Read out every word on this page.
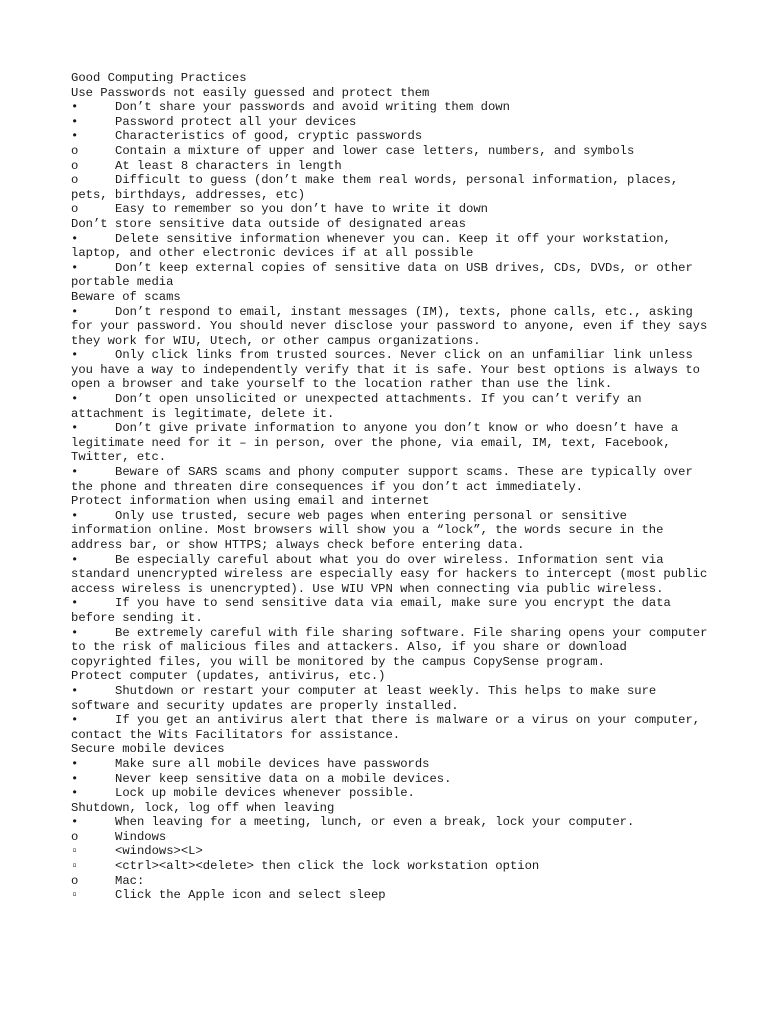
Good Computing Practices
Use Passwords not easily guessed and protect them
•	Don’t share your passwords and avoid writing them down
•	Password protect all your devices
•	Characteristics of good, cryptic passwords
o	Contain a mixture of upper and lower case letters, numbers, and symbols
o	At least 8 characters in length
o	Difficult to guess (don’t make them real words, personal information, places, pets, birthdays, addresses, etc)
o	Easy to remember so you don’t have to write it down
Don’t store sensitive data outside of designated areas
•	Delete sensitive information whenever you can. Keep it off your workstation, laptop, and other electronic devices if at all possible
•	Don’t keep external copies of sensitive data on USB drives, CDs, DVDs, or other portable media
Beware of scams
•	Don’t respond to email, instant messages (IM), texts, phone calls, etc., asking for your password. You should never disclose your password to anyone, even if they says they work for WIU, Utech, or other campus organizations.
•	Only click links from trusted sources. Never click on an unfamiliar link unless you have a way to independently verify that it is safe. Your best options is always to open a browser and take yourself to the location rather than use the link.
•	Don’t open unsolicited or unexpected attachments. If you can’t verify an attachment is legitimate, delete it.
•	Don’t give private information to anyone you don’t know or who doesn’t have a legitimate need for it – in person, over the phone, via email, IM, text, Facebook, Twitter, etc.
•	Beware of SARS scams and phony computer support scams. These are typically over the phone and threaten dire consequences if you don’t act immediately.
Protect information when using email and internet
•	Only use trusted, secure web pages when entering personal or sensitive information online. Most browsers will show you a “lock”, the words secure in the address bar, or show HTTPS; always check before entering data.
•	Be especially careful about what you do over wireless. Information sent via standard unencrypted wireless are especially easy for hackers to intercept (most public access wireless is unencrypted). Use WIU VPN when connecting via public wireless.
•	If you have to send sensitive data via email, make sure you encrypt the data before sending it.
•	Be extremely careful with file sharing software. File sharing opens your computer to the risk of malicious files and attackers. Also, if you share or download copyrighted files, you will be monitored by the campus CopySense program.
Protect computer (updates, antivirus, etc.)
•	Shutdown or restart your computer at least weekly. This helps to make sure software and security updates are properly installed.
•	If you get an antivirus alert that there is malware or a virus on your computer, contact the Wits Facilitators for assistance.
Secure mobile devices
•	Make sure all mobile devices have passwords
•	Never keep sensitive data on a mobile devices.
•	Lock up mobile devices whenever possible.
Shutdown, lock, log off when leaving
•	When leaving for a meeting, lunch, or even a break, lock your computer.
o	Windows
▫	<windows><L>
▫	<ctrl><alt><delete> then click the lock workstation option
o	Mac:
▫	Click the Apple icon and select sleep
